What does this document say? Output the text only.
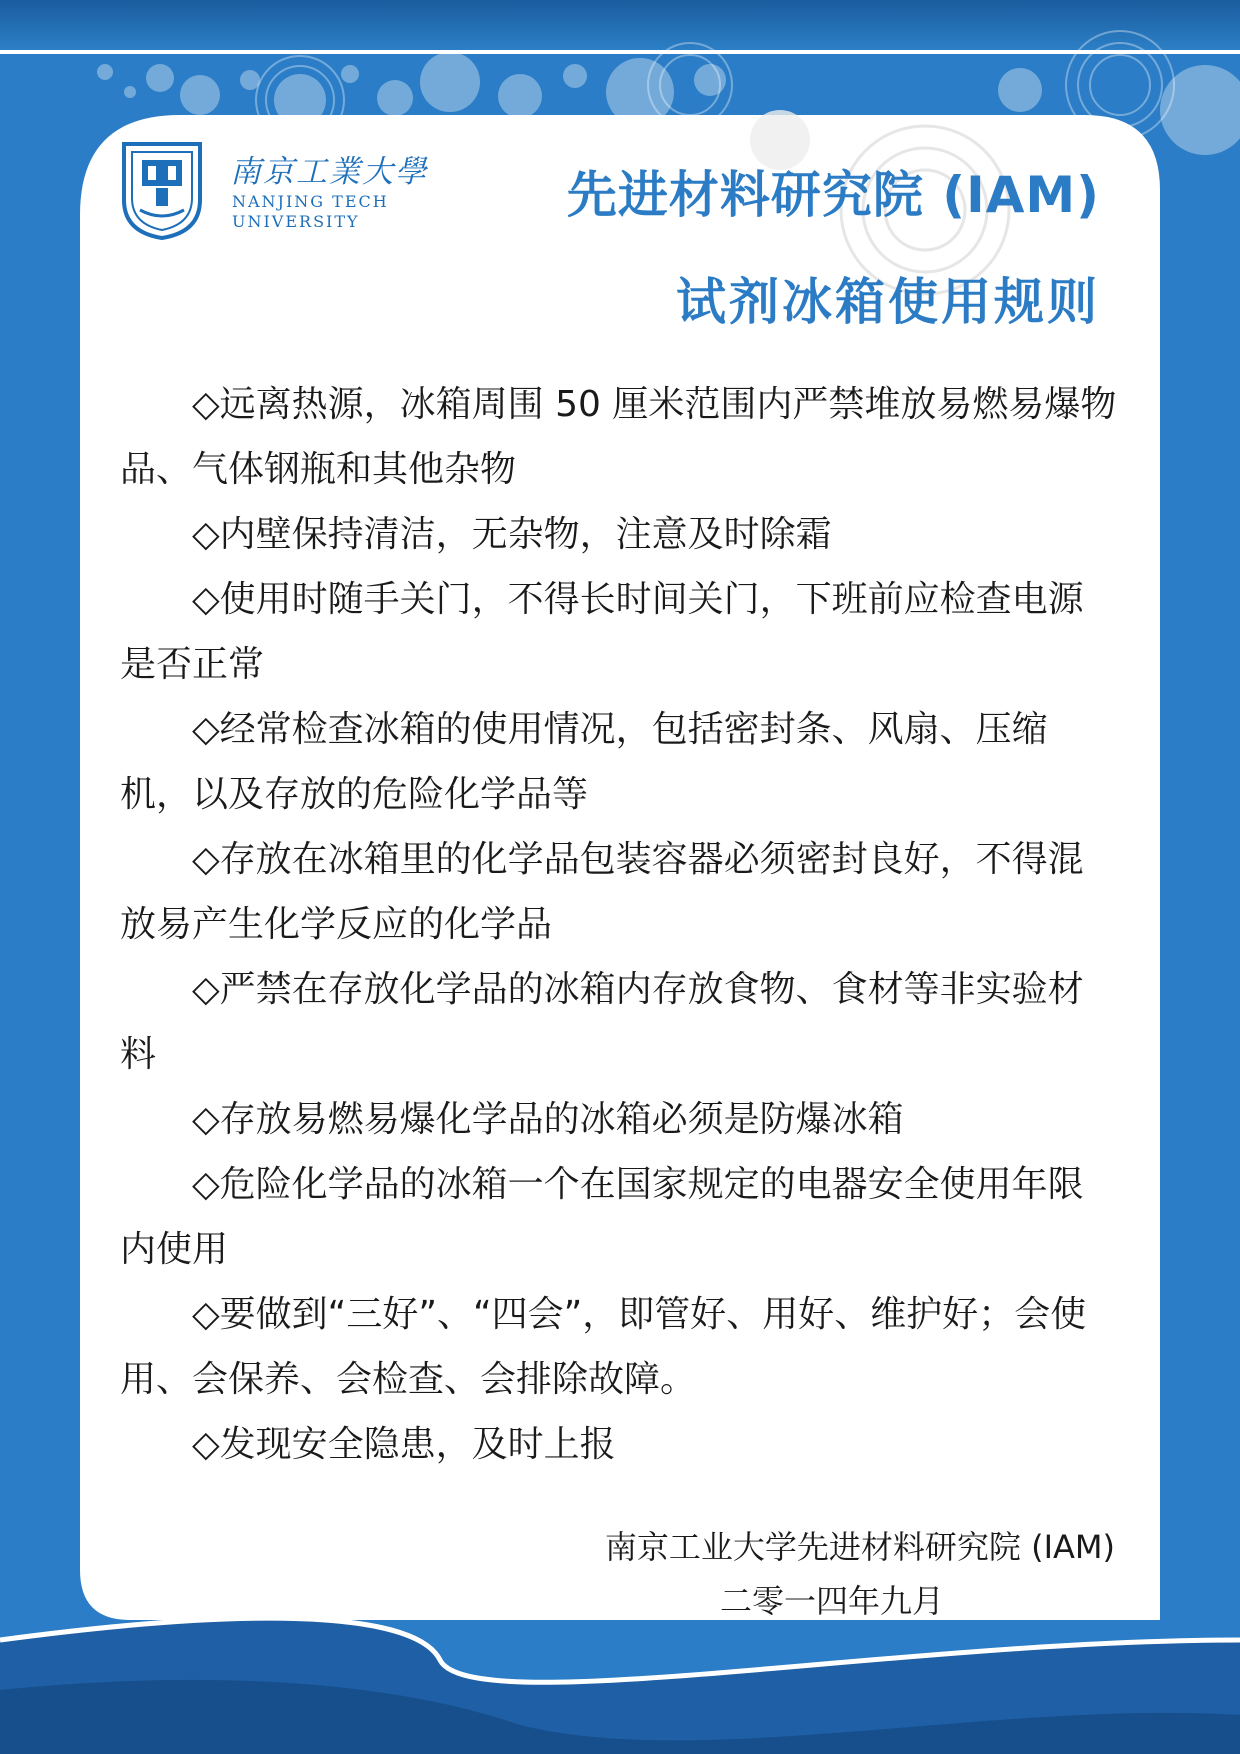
南京工業大學
NANJING TECH
UNIVERSITY	先进材料研究院 (IAM)
试剂冰箱使用规则

◇远离热源，冰箱周围 50 厘米范围内严禁堆放易燃易爆物品、气体钢瓶和其他杂物

◇内壁保持清洁，无杂物，注意及时除霜

◇使用时随手关门，不得长时间关门，下班前应检查电源是否正常

◇经常检查冰箱的使用情况，包括密封条、风扇、压缩机，以及存放的危险化学品等

◇存放在冰箱里的化学品包装容器必须密封良好，不得混放易产生化学反应的化学品

◇严禁在存放化学品的冰箱内存放食物、食材等非实验材料

◇存放易燃易爆化学品的冰箱必须是防爆冰箱

◇危险化学品的冰箱一个在国家规定的电器安全使用年限内使用

◇要做到“三好”、“四会”，即管好、用好、维护好；会使用、会保养、会检查、会排除故障。

◇发现安全隐患，及时上报

南京工业大学先进材料研究院 (IAM)
二零一四年九月
